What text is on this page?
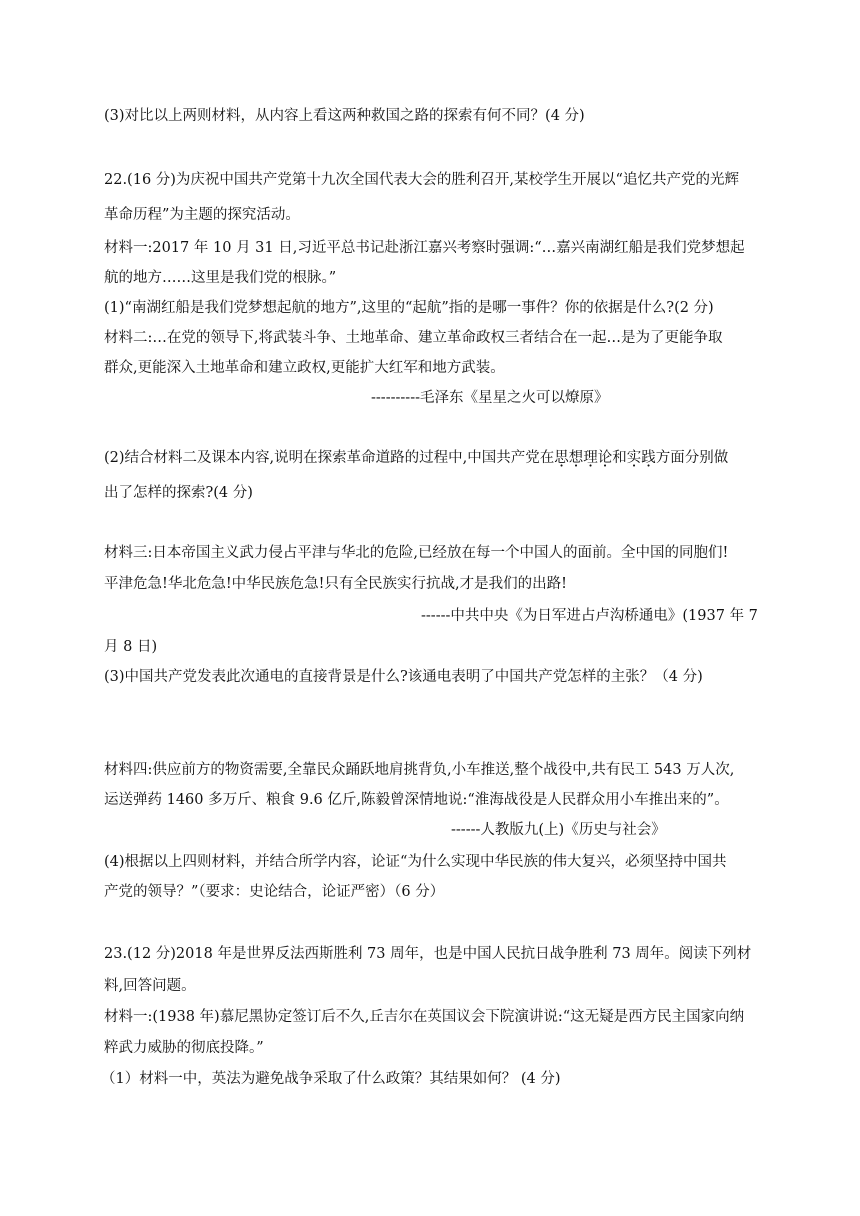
(3)对比以上两则材料，从内容上看这两种救国之路的探索有何不同？(4 分)
22.(16 分)为庆祝中国共产党第十九次全国代表大会的胜利召开,某校学生开展以“追忆共产党的光辉
革命历程”为主题的探究活动。
材料一:2017 年 10 月 31 日,习近平总书记赴浙江嘉兴考察时强调:“…嘉兴南湖红船是我们党梦想起
航的地方……这里是我们党的根脉。”
(1)“南湖红船是我们党梦想起航的地方”,这里的“起航”指的是哪一事件？你的依据是什么?(2 分)
材料二:…在党的领导下,将武装斗争、土地革命、建立革命政权三者结合在一起…是为了更能争取
群众,更能深入土地革命和建立政权,更能扩大红军和地方武装。
----------毛泽东《星星之火可以燎原》
(2)结合材料二及课本内容,说明在探索革命道路的过程中,中国共产党在思想理论和实践方面分别做
出了怎样的探索?(4 分)
材料三:日本帝国主义武力侵占平津与华北的危险,已经放在每一个中国人的面前。全中国的同胞们!
平津危急!华北危急!中华民族危急!只有全民族实行抗战,才是我们的出路!
------中共中央《为日军进占卢沟桥通电》(1937 年 7
月 8 日)
(3)中国共产党发表此次通电的直接背景是什么?该通电表明了中国共产党怎样的主张？（4 分)
材料四:供应前方的物资需要,全靠民众踊跃地肩挑背负,小车推送,整个战役中,共有民工 543 万人次,
运送弹药 1460 多万斤、粮食 9.6 亿斤,陈毅曾深情地说:“淮海战役是人民群众用小车推出来的”。
------人教版九(上)《历史与社会》
(4)根据以上四则材料，并结合所学内容，论证“为什么实现中华民族的伟大复兴，必须坚持中国共
产党的领导？”（要求：史论结合，论证严密）（6 分）
23.(12 分)2018 年是世界反法西斯胜利 73 周年，也是中国人民抗日战争胜利 73 周年。阅读下列材
料,回答问题。
材料一:(1938 年)慕尼黑协定签订后不久,丘吉尔在英国议会下院演讲说:“这无疑是西方民主国家向纳
粹武力威胁的彻底投降。”
（1）材料一中，英法为避免战争采取了什么政策？其结果如何？ (4 分)
